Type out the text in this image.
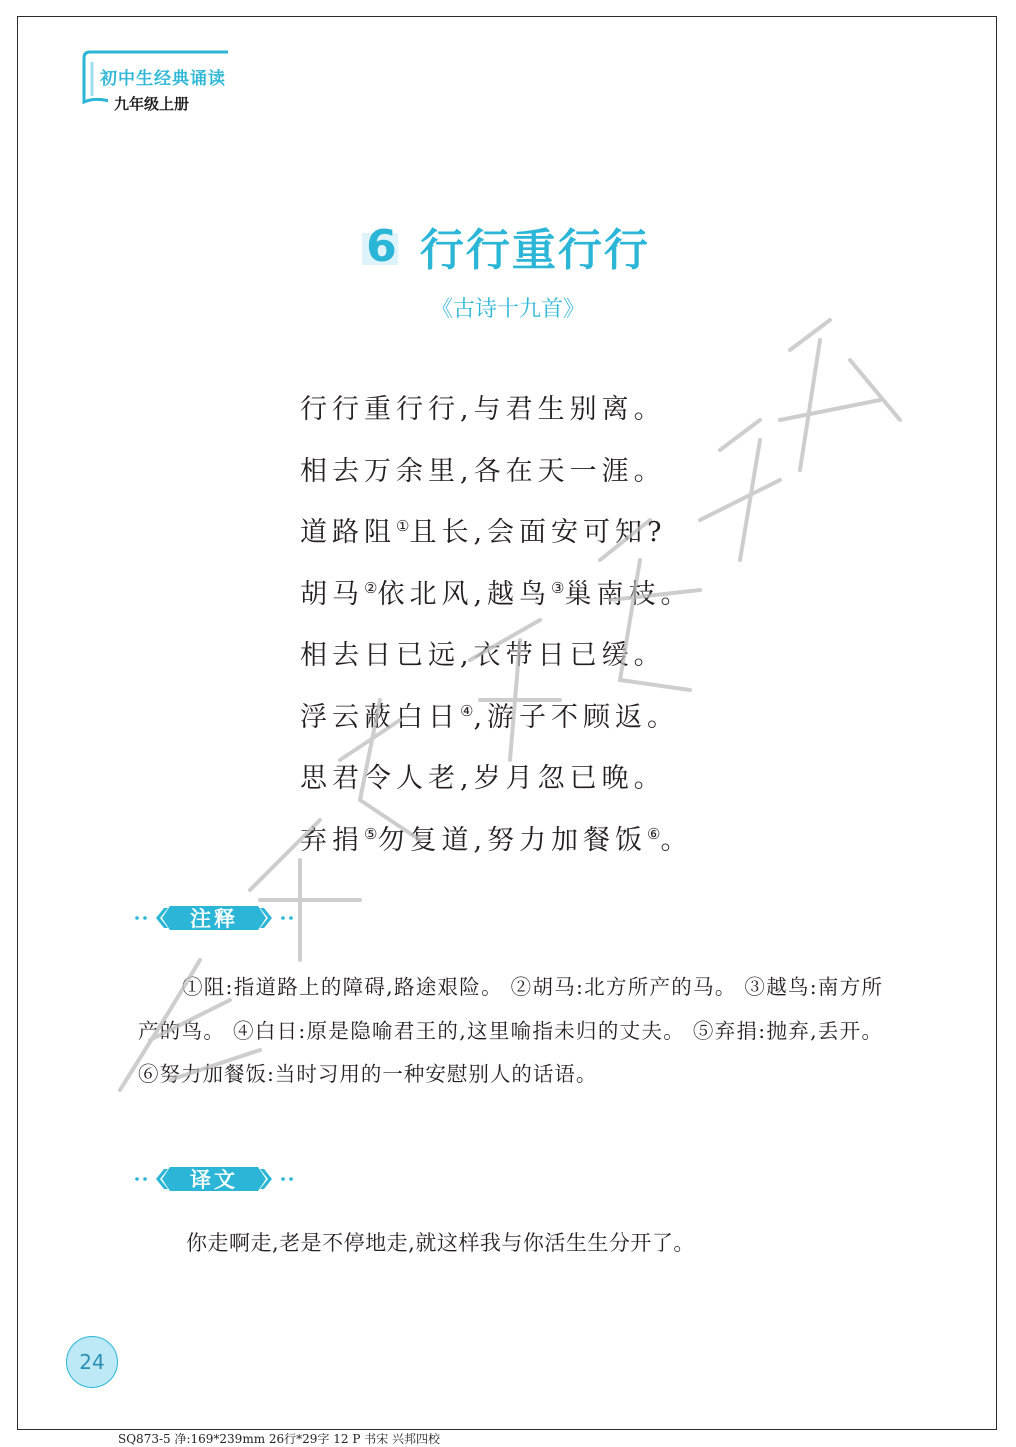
初中生经典诵读
九年级上册
6 行行重行行
《古诗十九首》
行行重行行,与君生别离。
相去万余里,各在天一涯。
道路阻①且长,会面安可知?
胡马②依北风,越鸟③巢南枝。
相去日已远,衣带日已缓。
浮云蔽白日④,游子不顾返。
思君令人老,岁月忽已晚。
弃捐⑤勿复道,努力加餐饭⑥。
注释
①阻:指道路上的障碍,路途艰险。 ②胡马:北方所产的马。 ③越鸟:南方所产的鸟。 ④白日:原是隐喻君王的,这里喻指未归的丈夫。 ⑤弃捐:抛弃,丢开。 ⑥努力加餐饭:当时习用的一种安慰别人的话语。
译文
你走啊走,老是不停地走,就这样我与你活生生分开了。
24
SQ873-5 净:169*239mm 26行*29字 12 P 书宋 兴邦四校
